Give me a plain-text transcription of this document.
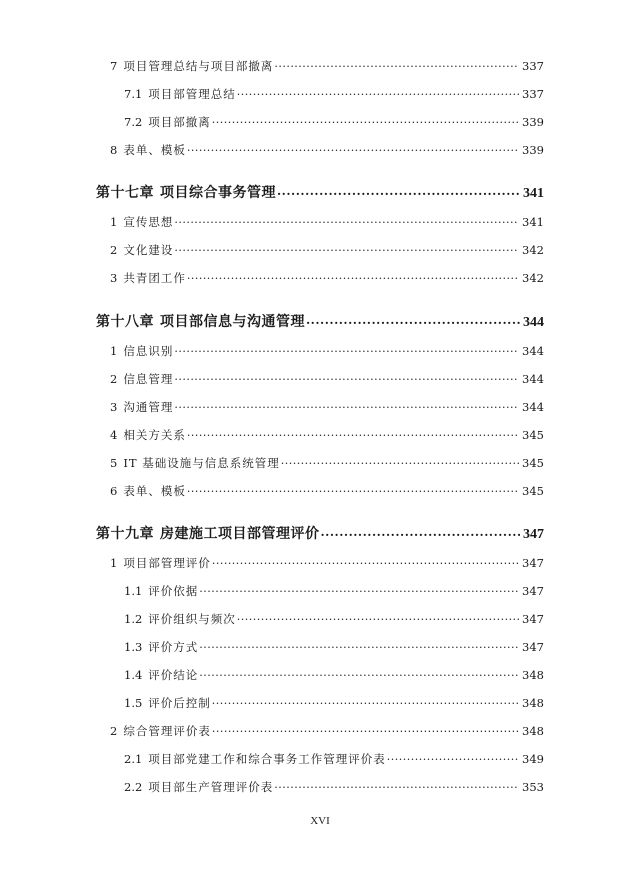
7 项目管理总结与项目部撤离 .....	337
7.1 项目部管理总结 .....	337
7.2 项目部撤离 .....	339
8 表单、模板 .....	339
第十七章 项目综合事务管理 .....	341
1 宣传思想 .....	341
2 文化建设 .....	342
3 共青团工作 .....	342
第十八章 项目部信息与沟通管理 .....	344
1 信息识别 .....	344
2 信息管理 .....	344
3 沟通管理 .....	344
4 相关方关系 .....	345
5 IT 基础设施与信息系统管理 .....	345
6 表单、模板 .....	345
第十九章 房建施工项目部管理评价 .....	347
1 项目部管理评价 .....	347
1.1 评价依据 .....	347
1.2 评价组织与频次 .....	347
1.3 评价方式 .....	347
1.4 评价结论 .....	348
1.5 评价后控制 .....	348
2 综合管理评价表 .....	348
2.1 项目部党建工作和综合事务工作管理评价表 .....	349
2.2 项目部生产管理评价表 .....	353
XVI
